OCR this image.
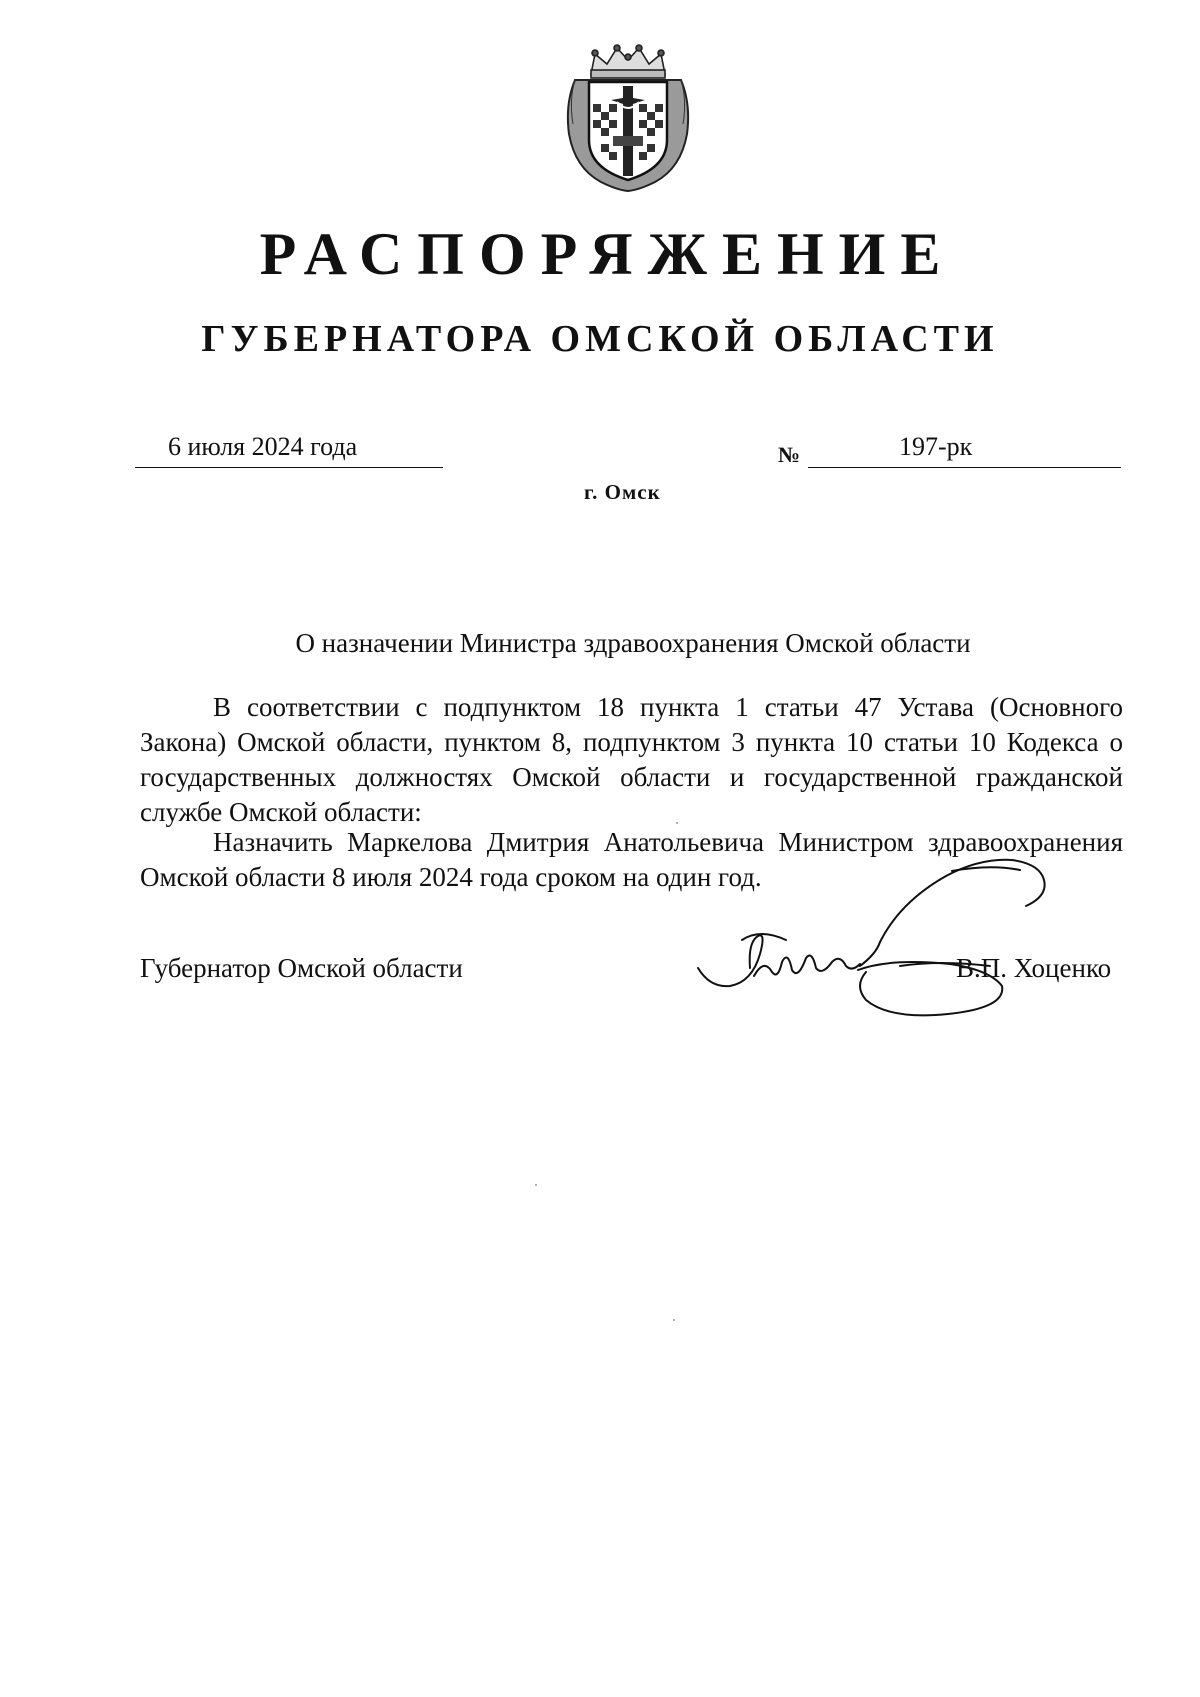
РАСПОРЯЖЕНИЕ
ГУБЕРНАТОРА ОМСКОЙ ОБЛАСТИ
6 июля 2024 года	№	197-рк
г. Омск
О назначении Министра здравоохранения Омской области
В соответствии с подпунктом 18 пункта 1 статьи 47 Устава (Основного Закона) Омской области, пунктом 8, подпунктом 3 пункта 10 статьи 10 Кодекса о государственных должностях Омской области и государственной гражданской службе Омской области:
Назначить Маркелова Дмитрия Анатольевича Министром здравоохранения Омской области 8 июля 2024 года сроком на один год.
Губернатор Омской области	В.П. Хоценко
